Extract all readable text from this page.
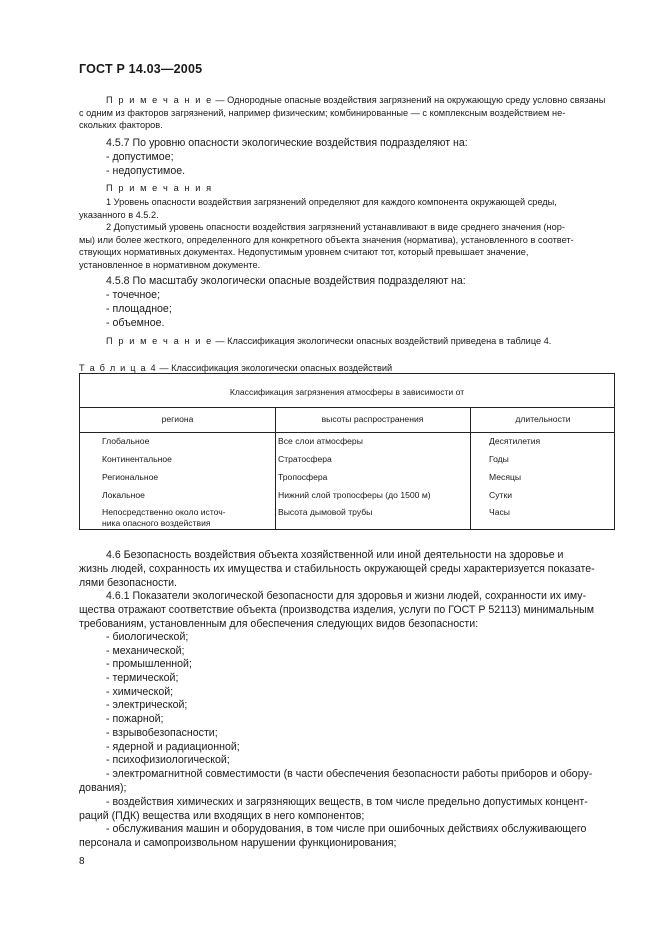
ГОСТ Р 14.03—2005
П р и м е ч а н и е — Однородные опасные воздействия загрязнений на окружающую среду условно связаны
с одним из факторов загрязнений, например физическим; комбинированные — с комплексным воздействием не-
скольких факторов.
4.5.7 По уровню опасности экологические воздействия подразделяют на:
- допустимое;
- недопустимое.
П р и м е ч а н и я
1 Уровень опасности воздействия загрязнений определяют для каждого компонента окружающей среды,
указанного в 4.5.2.
2 Допустимый уровень опасности воздействия загрязнений устанавливают в виде среднего значения (нор-
мы) или более жесткого, определенного для конкретного объекта значения (норматива), установленного в соответ-
ствующих нормативных документах. Недопустимым уровнем считают тот, который превышает значение,
установленное в нормативном документе.
4.5.8 По масштабу экологически опасные воздействия подразделяют на:
- точечное;
- площадное;
- объемное.
П р и м е ч а н и е — Классификация экологически опасных воздействий приведена в таблице 4.
Т а б л и ц а 4 — Классификация экологически опасных воздействий
Классификация загрязнения атмосферы в зависимости от
региона	высоты распространения	длительности
Глобальное	Все слои атмосферы	Десятилетия
Континентальное	Стратосфера	Годы
Региональное	Тропосфера	Месяцы
Локальное	Нижний слой тропосферы (до 1500 м)	Сутки
Непосредственно около источ-
ника опасного воздействия
Высота дымовой трубы	Часы
4.6 Безопасность воздействия объекта хозяйственной или иной деятельности на здоровье и
жизнь людей, сохранность их имущества и стабильность окружающей среды характеризуется показате-
лями безопасности.
4.6.1 Показатели экологической безопасности для здоровья и жизни людей, сохранности их иму-
щества отражают соответствие объекта (производства изделия, услуги по ГОСТ Р 52113) минимальным
требованиям, установленным для обеспечения следующих видов безопасности:
- биологической;
- механической;
- промышленной;
- термической;
- химической;
- электрической;
- пожарной;
- взрывобезопасности;
- ядерной и радиационной;
- психофизиологической;
- электромагнитной совместимости (в части обеспечения безопасности работы приборов и обору-
дования);
- воздействия химических и загрязняющих веществ, в том числе предельно допустимых концент-
раций (ПДК) вещества или входящих в него компонентов;
- обслуживания машин и оборудования, в том числе при ошибочных действиях обслуживающего
персонала и самопроизвольном нарушении функционирования;
8
